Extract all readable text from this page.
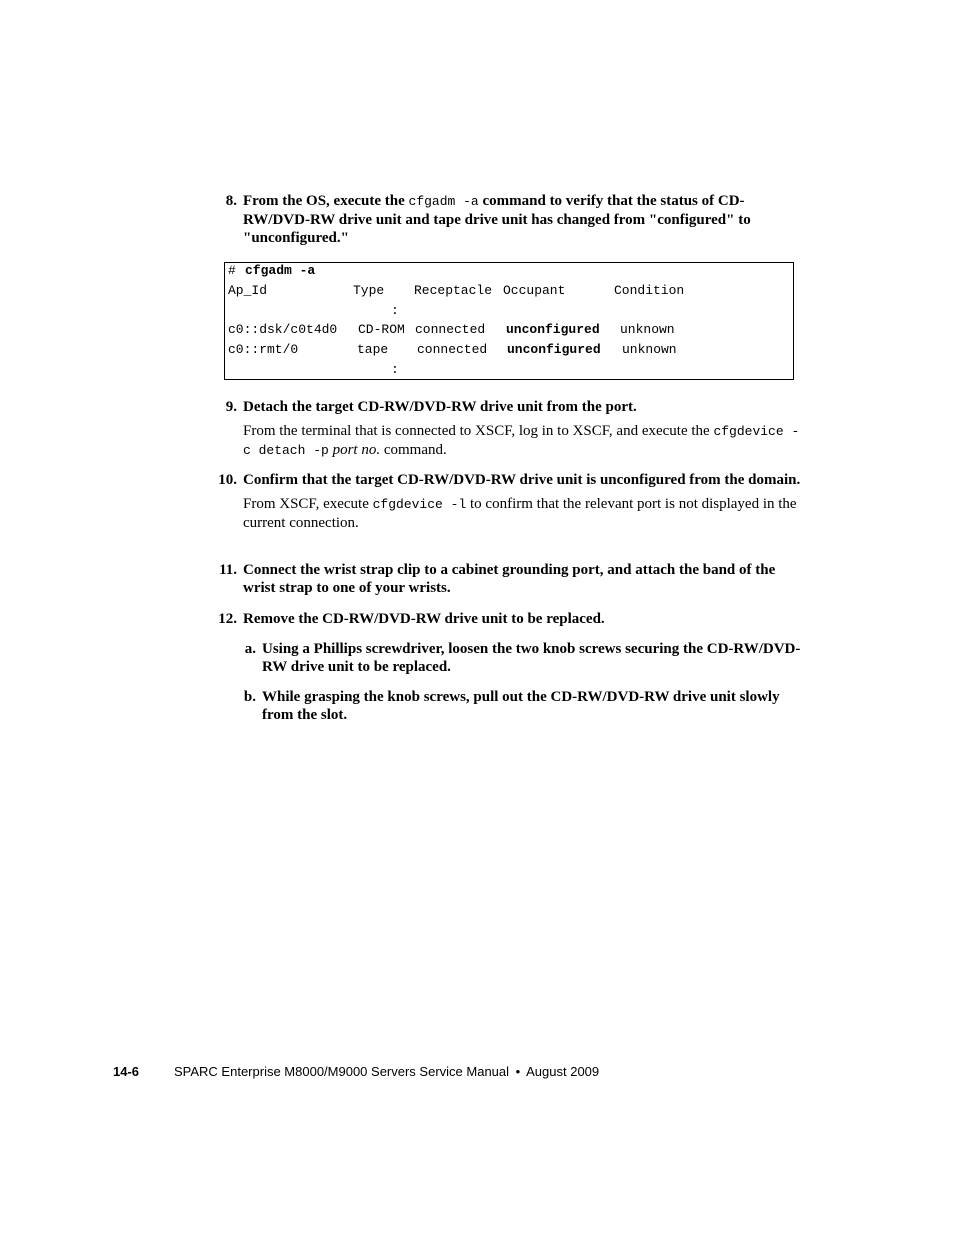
8. From the OS, execute the cfgadm -a command to verify that the status of CD-RW/DVD-RW drive unit and tape drive unit has changed from "configured" to "unconfigured."
# cfgadm -a
Ap_Id	Type Receptacle Occupant	Condition
:
c0::dsk/c0t4d0 CD-ROM connected unconfigured unknown
c0::rmt/0	tape connected unconfigured unknown
:
9. Detach the target CD-RW/DVD-RW drive unit from the port.
From the terminal that is connected to XSCF, log in to XSCF, and execute the cfgdevice -c detach -p port no. command.
10. Confirm that the target CD-RW/DVD-RW drive unit is unconfigured from the domain.
From XSCF, execute cfgdevice -l to confirm that the relevant port is not displayed in the current connection.
11. Connect the wrist strap clip to a cabinet grounding port, and attach the band of the wrist strap to one of your wrists.
12. Remove the CD-RW/DVD-RW drive unit to be replaced.
a. Using a Phillips screwdriver, loosen the two knob screws securing the CD-RW/DVD-RW drive unit to be replaced.
b. While grasping the knob screws, pull out the CD-RW/DVD-RW drive unit slowly from the slot.
14-6	SPARC Enterprise M8000/M9000 Servers Service Manual • August 2009
